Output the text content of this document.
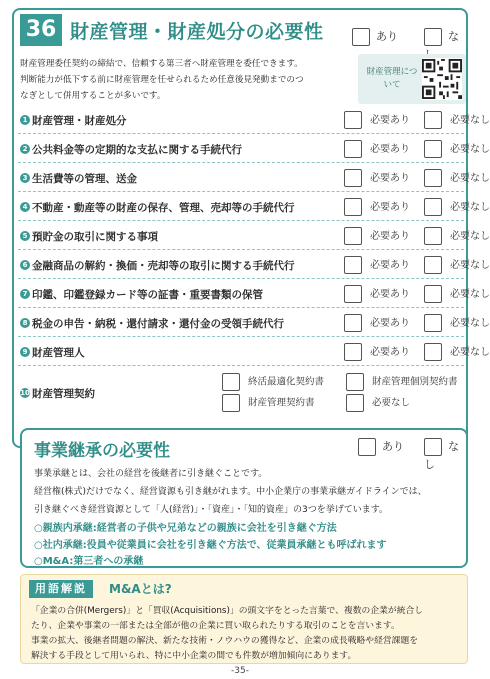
36 財産管理・財産処分の必要性	あり	な
財産管理委任契約の締結で、信頼する第三者へ財産管理を委任できます。
判断能力が低下する前に財産管理を任せられるため任意後見発動までのつ
なぎとして併用することが多いです。
財産管理について
1 財産管理・財産処分	必要あり	必要なし
2 公共料金等の定期的な支払に関する手続代行	必要あり	必要なし
3 生活費等の管理、送金	必要あり	必要なし
4 不動産・動産等の財産の保存、管理、売却等の手続代行	必要あり	必要なし
5 預貯金の取引に関する事項	必要あり	必要なし
6 金融商品の解約・換価・売却等の取引に関する手続代行	必要あり	必要なし
7 印鑑、印鑑登録カード等の証書・重要書類の保管	必要あり	必要なし
8 税金の申告・納税・還付請求・還付金の受領手続代行	必要あり	必要なし
9 財産管理人	必要あり	必要なし
10 財産管理契約
終活最適化契約書	財産管理個別契約書
財産管理契約書	必要なし
事業継承の必要性	あり	なし
事業承継とは、会社の経営を後継者に引き継ぐことです。
経営権(株式)だけでなく、経営資源も引き継がれます。中小企業庁の事業承継ガイドラインでは、
引き継ぐべき経営資源として「人(経営)」・「資産」・「知的資産」の3つを挙げています。
○親族内承継:経営者の子供や兄弟などの親族に会社を引き継ぐ方法
○社内承継:役員や従業員に会社を引き継ぐ方法で、従業員承継とも呼ばれます
○M&A:第三者への承継
用語解説	M&Aとは?
「企業の合併(Mergers)」と「買収(Acquisitions)」の頭文字をとった言葉で、複数の企業が統合し
たり、企業や事業の一部または全部が他の企業に買い取られたりする取引のことを言います。
事業の拡大、後継者問題の解決、新たな技術・ノウハウの獲得など、企業の成長戦略や経営課題を
解決する手段として用いられ、特に中小企業の間でも件数が増加傾向にあります。
-35-
